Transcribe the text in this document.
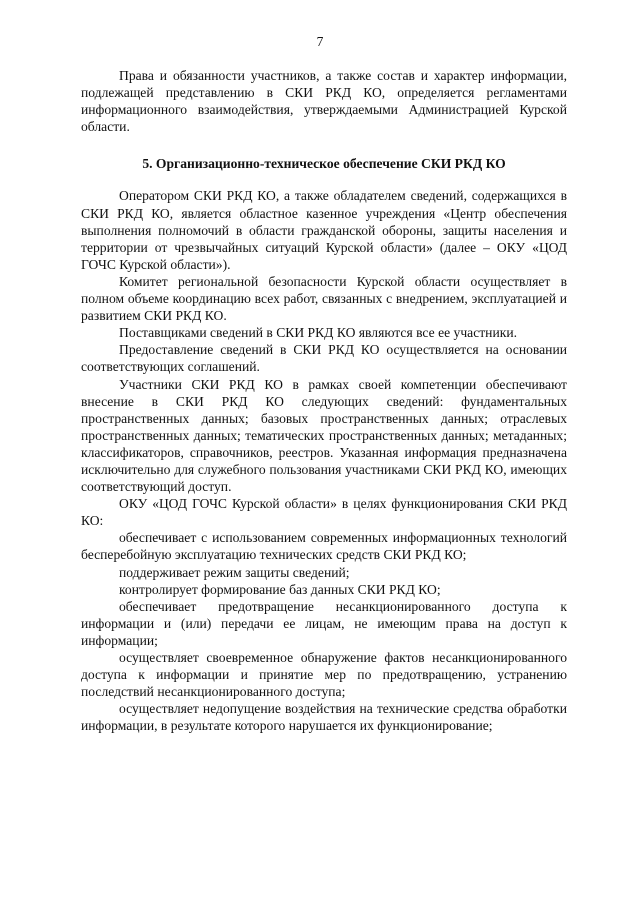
7

Права и обязанности участников, а также состав и характер информации, подлежащей представлению в СКИ РКД КО, определяется регламентами информационного взаимодействия, утверждаемыми Администрацией Курской области.

5. Организационно-техническое обеспечение СКИ РКД КО

Оператором СКИ РКД КО, а также обладателем сведений, содержащихся в СКИ РКД КО, является областное казенное учреждения «Центр обеспечения выполнения полномочий в области гражданской обороны, защиты населения и территории от чрезвычайных ситуаций Курской области» (далее – ОКУ «ЦОД ГОЧС Курской области»).

Комитет региональной безопасности Курской области осуществляет в полном объеме координацию всех работ, связанных с внедрением, эксплуатацией и развитием СКИ РКД КО.

Поставщиками сведений в СКИ РКД КО являются все ее участники.

Предоставление сведений в СКИ РКД КО осуществляется на основании соответствующих соглашений.

Участники СКИ РКД КО в рамках своей компетенции обеспечивают внесение в СКИ РКД КО следующих сведений: фундаментальных пространственных данных; базовых пространственных данных; отраслевых пространственных данных; тематических пространственных данных; метаданных; классификаторов, справочников, реестров. Указанная информация предназначена исключительно для служебного пользования участниками СКИ РКД КО, имеющих соответствующий доступ.

ОКУ «ЦОД ГОЧС Курской области» в целях функционирования СКИ РКД КО:

обеспечивает с использованием современных информационных технологий бесперебойную эксплуатацию технических средств СКИ РКД КО;

поддерживает режим защиты сведений;

контролирует формирование баз данных СКИ РКД КО;

обеспечивает предотвращение несанкционированного доступа к информации и (или) передачи ее лицам, не имеющим права на доступ к информации;

осуществляет своевременное обнаружение фактов несанкционированного доступа к информации и принятие мер по предотвращению, устранению последствий несанкционированного доступа;

осуществляет недопущение воздействия на технические средства обработки информации, в результате которого нарушается их функционирование;
